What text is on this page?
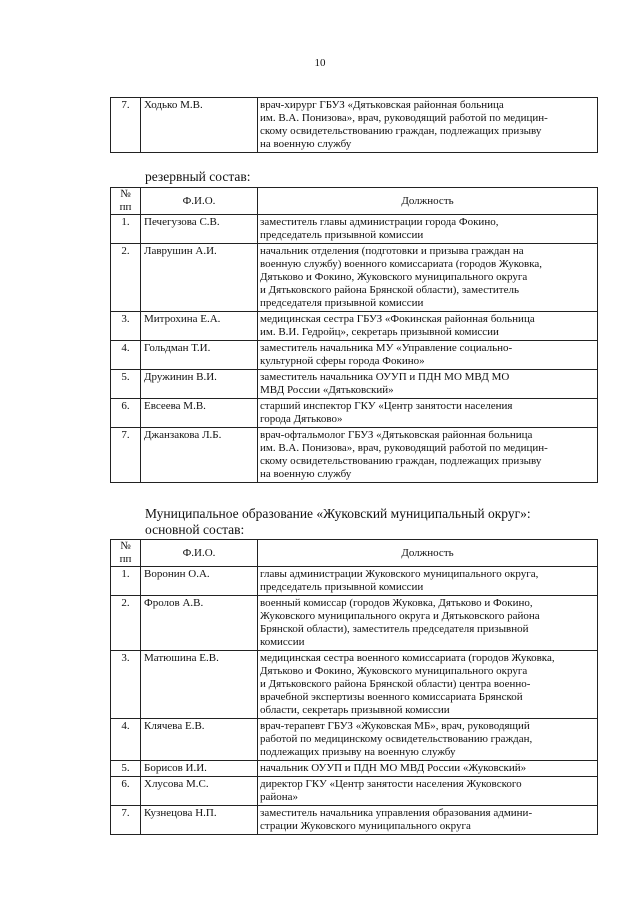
10
7.	Ходько М.В.	врач-хирург ГБУЗ «Дятьковская районная больница
им. В.А. Понизова», врач, руководящий работой по медицин-
скому освидетельствованию граждан, подлежащих призыву
на военную службу
резервный состав:
№ пп	Ф.И.О.	Должность
1.	Печегузова С.В.	заместитель главы администрации города Фокино,
председатель призывной комиссии

2.	Лаврушин А.И.	начальник отделения (подготовки и призыва граждан на
военную службу) военного комиссариата (городов Жуковка,
Дятьково и Фокино, Жуковского муниципального округа
и Дятьковского района Брянской области), заместитель
председателя призывной комиссии

3.	Митрохина Е.А.	медицинская сестра ГБУЗ «Фокинская районная больница
им. В.И. Гедройц», секретарь призывной комиссии

4.	Гольдман Т.И.	заместитель начальника МУ «Управление социально-
культурной сферы города Фокино»

5.	Дружинин В.И.	заместитель начальника ОУУП и ПДН МО МВД МО
МВД России «Дятьковский»

6.	Евсеева М.В.	старший инспектор ГКУ «Центр занятости населения
города Дятьково»

7.	Джанзакова Л.Б.	врач-офтальмолог ГБУЗ «Дятьковская районная больница
им. В.А. Понизова», врач, руководящий работой по медицин-
скому освидетельствованию граждан, подлежащих призыву
на военную службу
Муниципальное образование «Жуковский муниципальный округ»:
основной состав:
№ пп	Ф.И.О.	Должность
1.	Воронин О.А.	главы администрации Жуковского муниципального округа,
председатель призывной комиссии

2.	Фролов А.В.	военный комиссар (городов Жуковка, Дятьково и Фокино,
Жуковского муниципального округа и Дятьковского района
Брянской области), заместитель председателя призывной
комиссии

3.	Матюшина Е.В.	медицинская сестра военного комиссариата (городов Жуковка,
Дятьково и Фокино, Жуковского муниципального округа
и Дятьковского района Брянской области) центра военно-
врачебной экспертизы военного комиссариата Брянской
области, секретарь призывной комиссии

4.	Клячева Е.В.	врач-терапевт ГБУЗ «Жуковская МБ», врач, руководящий
работой по медицинскому освидетельствованию граждан,
подлежащих призыву на военную службу

5.	Борисов И.И.	начальник ОУУП и ПДН МО МВД России «Жуковский»

6.	Хлусова М.С.	директор ГКУ «Центр занятости населения Жуковского
района»

7.	Кузнецова Н.П.	заместитель начальника управления образования админи-
страции Жуковского муниципального округа
